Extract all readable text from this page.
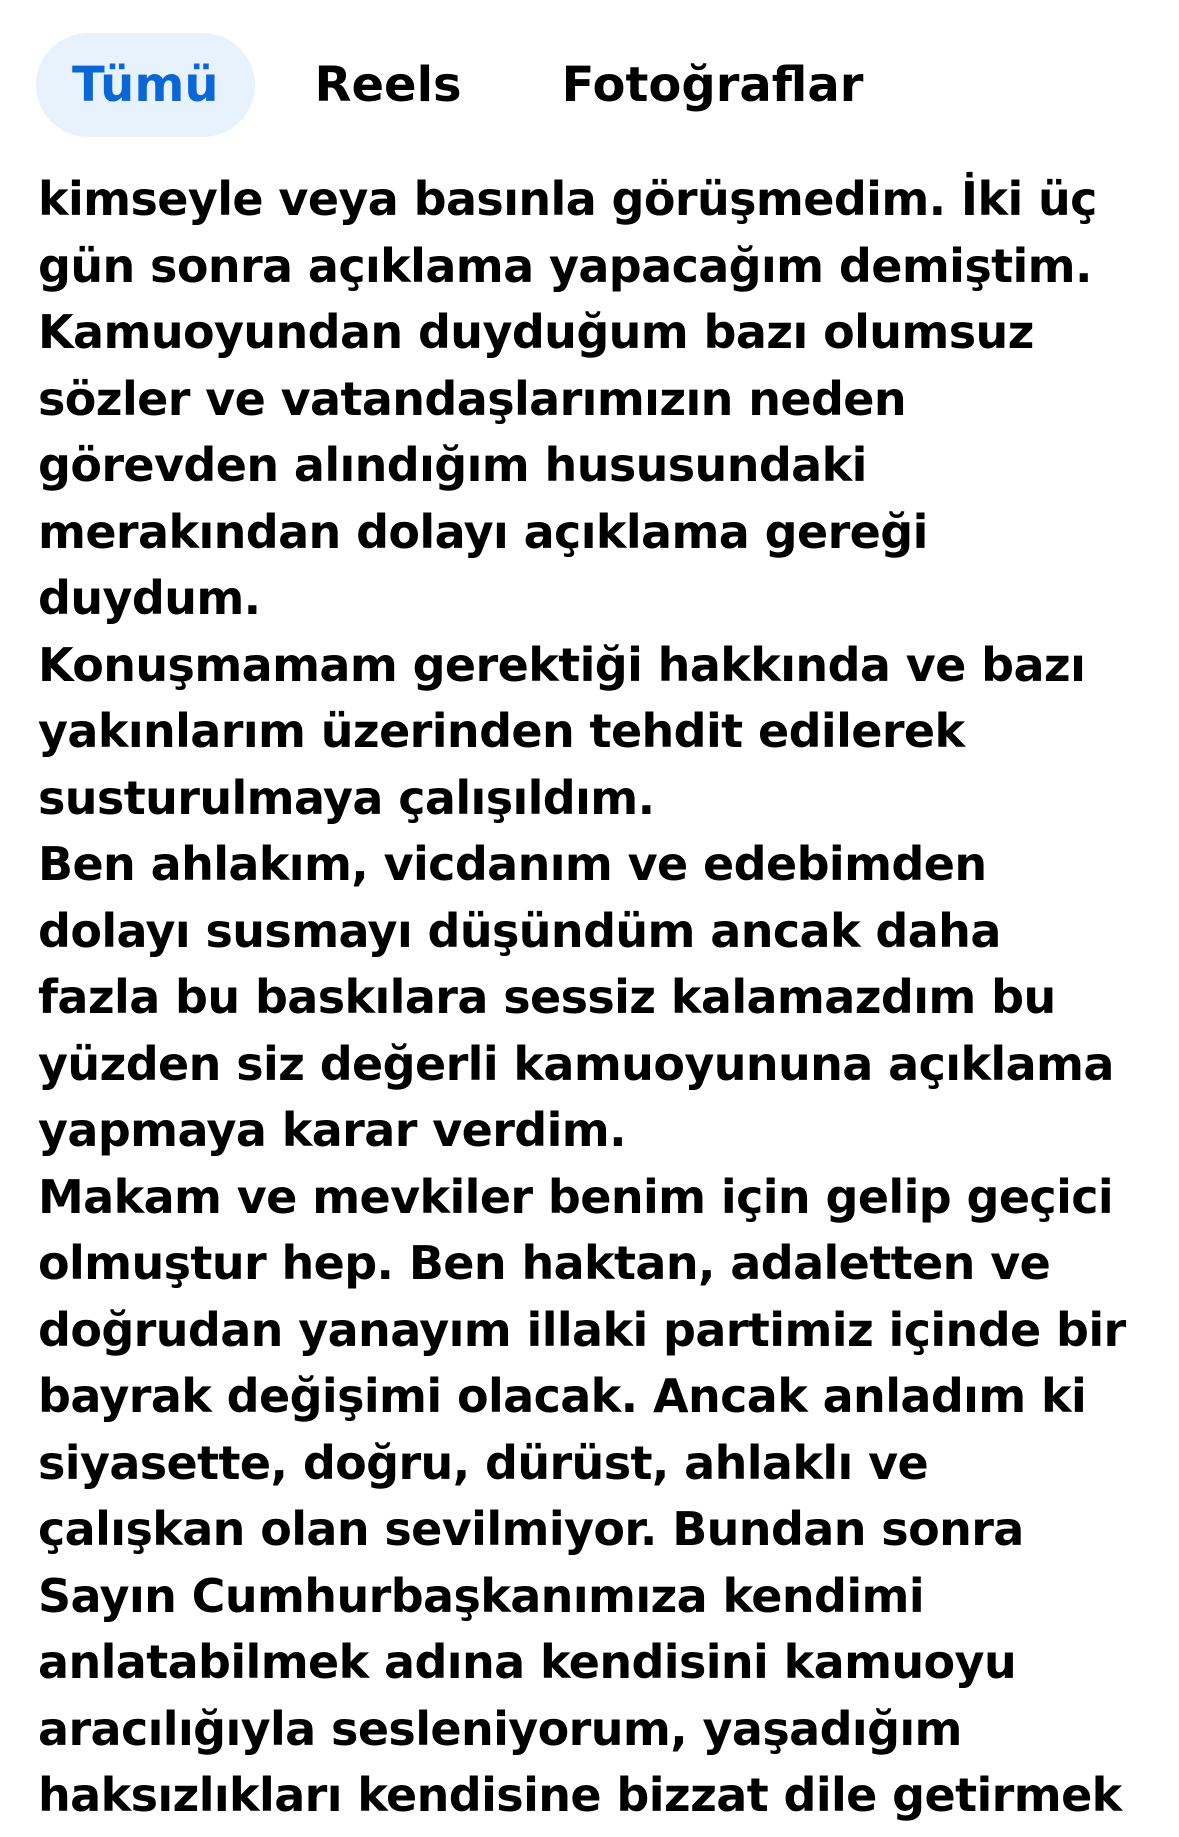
Tümü	Reels Fotoğraflar
kimseyle veya basınla görüşmedim. İki üç
gün sonra açıklama yapacağım demiştim.
Kamuoyundan duyduğum bazı olumsuz
sözler ve vatandaşlarımızın neden
görevden alındığım hususundaki
merakından dolayı açıklama gereği
duydum.
Konuşmamam gerektiği hakkında ve bazı
yakınlarım üzerinden tehdit edilerek
susturulmaya çalışıldım.
Ben ahlakım, vicdanım ve edebimden
dolayı susmayı düşündüm ancak daha
fazla bu baskılara sessiz kalamazdım bu
yüzden siz değerli kamuoyununa açıklama
yapmaya karar verdim.
Makam ve mevkiler benim için gelip geçici
olmuştur hep. Ben haktan, adaletten ve
doğrudan yanayım illaki partimiz içinde bir
bayrak değişimi olacak. Ancak anladım ki
siyasette, doğru, dürüst, ahlaklı ve
çalışkan olan sevilmiyor. Bundan sonra
Sayın Cumhurbaşkanımıza kendimi
anlatabilmek adına kendisini kamuoyu
aracılığıyla sesleniyorum, yaşadığım
haksızlıkları kendisine bizzat dile getirmek
